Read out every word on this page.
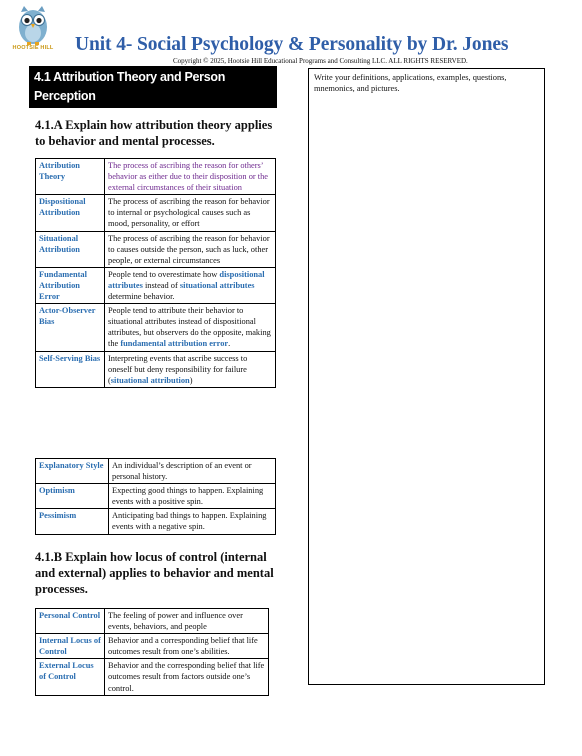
HOOTSIE HILL	Unit 4- Social Psychology & Personality by Dr. Jones
Copyright © 2025, Hootsie Hill Educational Programs and Consulting LLC. ALL RIGHTS RESERVED.
4.1 Attribution Theory and Person Perception
4.1.A Explain how attribution theory applies to behavior and mental processes.
Attribution Theory	The process of ascribing the reason for others’ behavior as either due to their disposition or the external circumstances of their situation
Dispositional Attribution	The process of ascribing the reason for behavior to internal or psychological causes such as mood, personality, or effort
Situational Attribution	The process of ascribing the reason for behavior to causes outside the person, such as luck, other people, or external circumstances
Fundamental Attribution Error	People tend to overestimate how dispositional attributes instead of situational attributes determine behavior.
Actor-Observer Bias	People tend to attribute their behavior to situational attributes instead of dispositional attributes, but observers do the opposite, making the fundamental attribution error.
Self-Serving Bias	Interpreting events that ascribe success to oneself but deny responsibility for failure (situational attribution)
Explanatory Style	An individual’s description of an event or personal history.
Optimism	Expecting good things to happen. Explaining events with a positive spin.
Pessimism	Anticipating bad things to happen. Explaining events with a negative spin.
4.1.B Explain how locus of control (internal and external) applies to behavior and mental processes.
Personal Control	The feeling of power and influence over events, behaviors, and people
Internal Locus of Control	Behavior and a corresponding belief that life outcomes result from one’s abilities.
External Locus of Control	Behavior and the corresponding belief that life outcomes result from factors outside one’s control.
Write your definitions, applications, examples, questions, mnemonics, and pictures.
